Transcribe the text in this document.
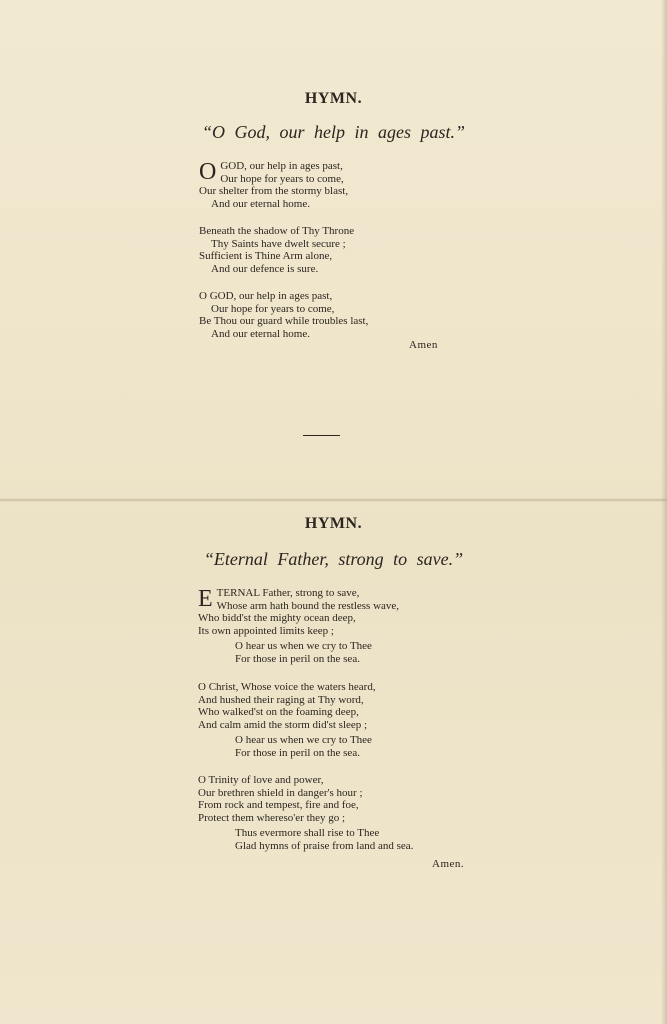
HYMN.
“O God, our help in ages past.”
O GOD, our help in ages past,
Our hope for years to come,
Our shelter from the stormy blast,
And our eternal home.
Beneath the shadow of Thy Throne
Thy Saints have dwelt secure ;
Sufficient is Thine Arm alone,
And our defence is sure.
O GOD, our help in ages past,
Our hope for years to come,
Be Thou our guard while troubles last,
And our eternal home.
Amen
HYMN.
“Eternal Father, strong to save.”
E TERNAL Father, strong to save,
Whose arm hath bound the restless wave,
Who bidd'st the mighty ocean deep,
Its own appointed limits keep ;
O hear us when we cry to Thee
For those in peril on the sea.
O Christ, Whose voice the waters heard,
And hushed their raging at Thy word,
Who walked'st on the foaming deep,
And calm amid the storm did'st sleep ;
O hear us when we cry to Thee
For those in peril on the sea.
O Trinity of love and power,
Our brethren shield in danger's hour ;
From rock and tempest, fire and foe,
Protect them whereso'er they go ;
Thus evermore shall rise to Thee
Glad hymns of praise from land and sea.
Amen.
